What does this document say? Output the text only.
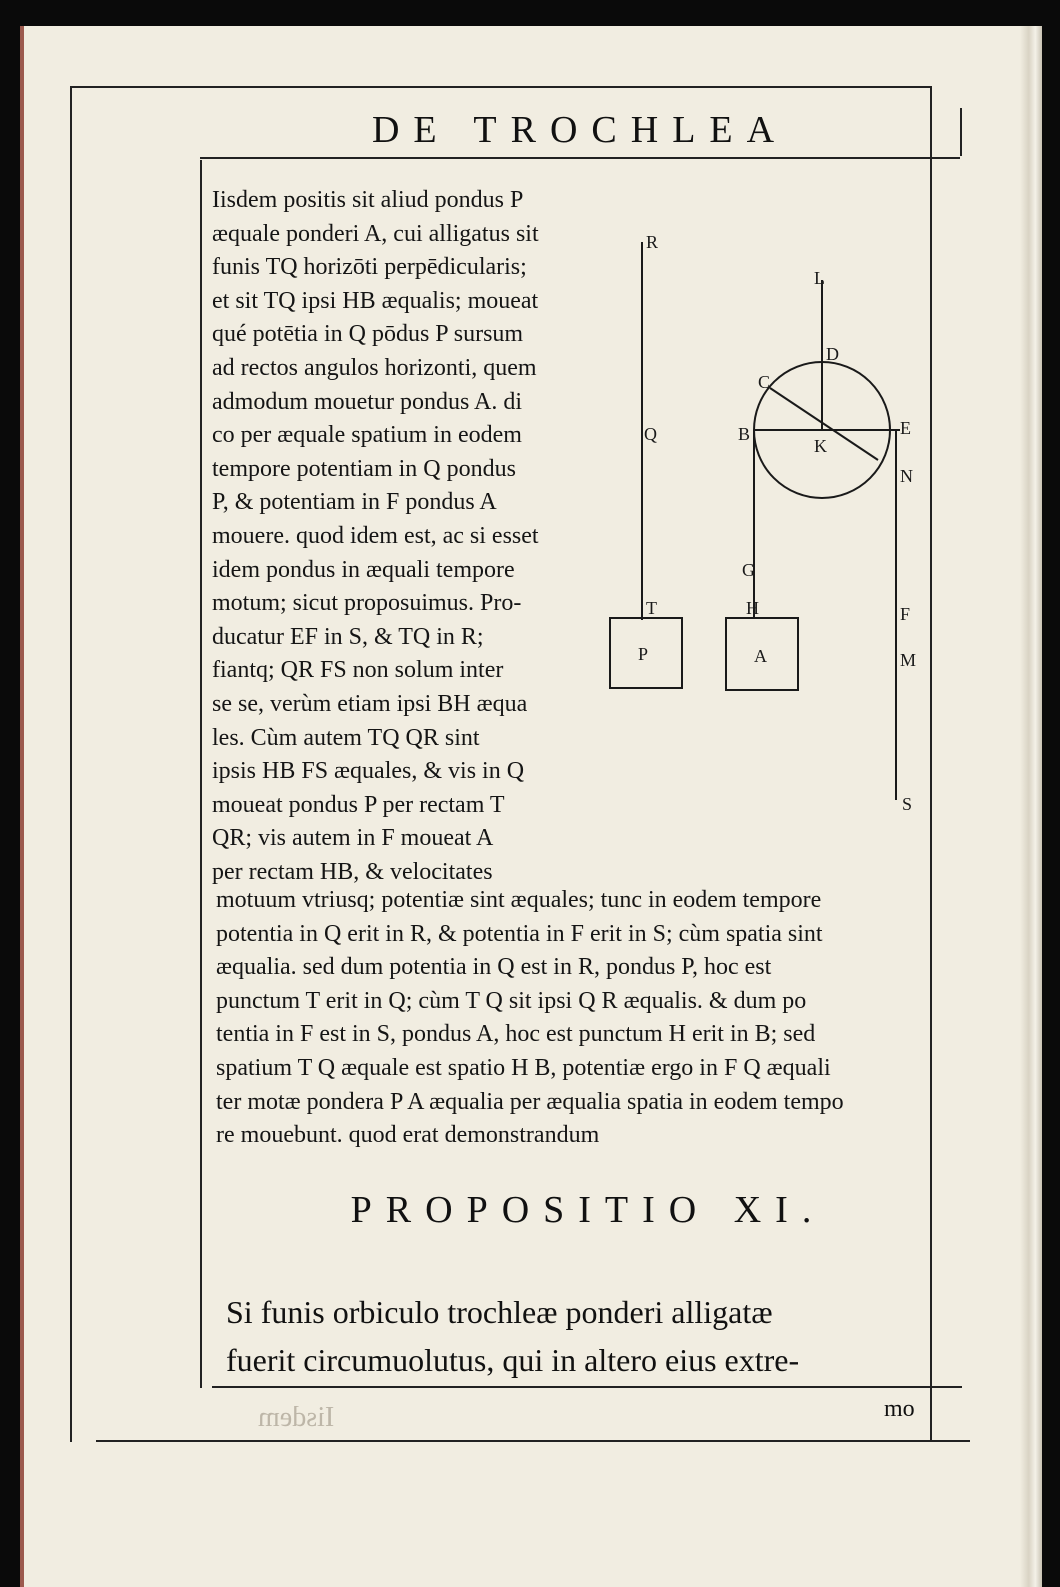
DE TROCHLEA
Iisdem positis sit aliud pondus P
æquale ponderi A, cui alligatus sit
funis TQ horizōti perpēdicularis;
et sit TQ ipsi HB æqualis; moueat
qué potētia in Q pōdus P sursum
ad rectos angulos horizonti, quem
admodum mouetur pondus A. di
co per æquale spatium in eodem
tempore potentiam in Q pondus
P, & potentiam in F pondus A
mouere. quod idem est, ac si esset
idem pondus in æquali tempore
motum; sicut proposuimus. Pro-
ducatur EF in S, & TQ in R;
fiantq; QR FS non solum inter
se se, verùm etiam ipsi BH æqua
les. Cùm autem TQ QR sint
ipsis HB FS æquales, & vis in Q
moueat pondus P per rectam T
QR; vis autem in F moueat A
per rectam HB, & velocitates
motuum vtriusq; potentiæ sint æquales; tunc in eodem tempore
potentia in Q erit in R, & potentia in F erit in S; cùm spatia sint
æqualia. sed dum potentia in Q est in R, pondus P, hoc est
punctum T erit in Q; cùm T Q sit ipsi Q R æqualis. & dum po
tentia in F est in S, pondus A, hoc est punctum H erit in B; sed
spatium T Q æquale est spatio H B, potentiæ ergo in F Q æquali
ter motæ pondera P A æqualia per æqualia spatia in eodem tempo
re mouebunt. quod erat demonstrandum
PROPOSITIO XI.
Si funis orbiculo trochleæ ponderi alligatæ
fuerit circumuolutus, qui in altero eius extre-
mo
Iisdem
R
Q
T
P
L
D
C
B
K
E
N
G
H
A
F
M
S
